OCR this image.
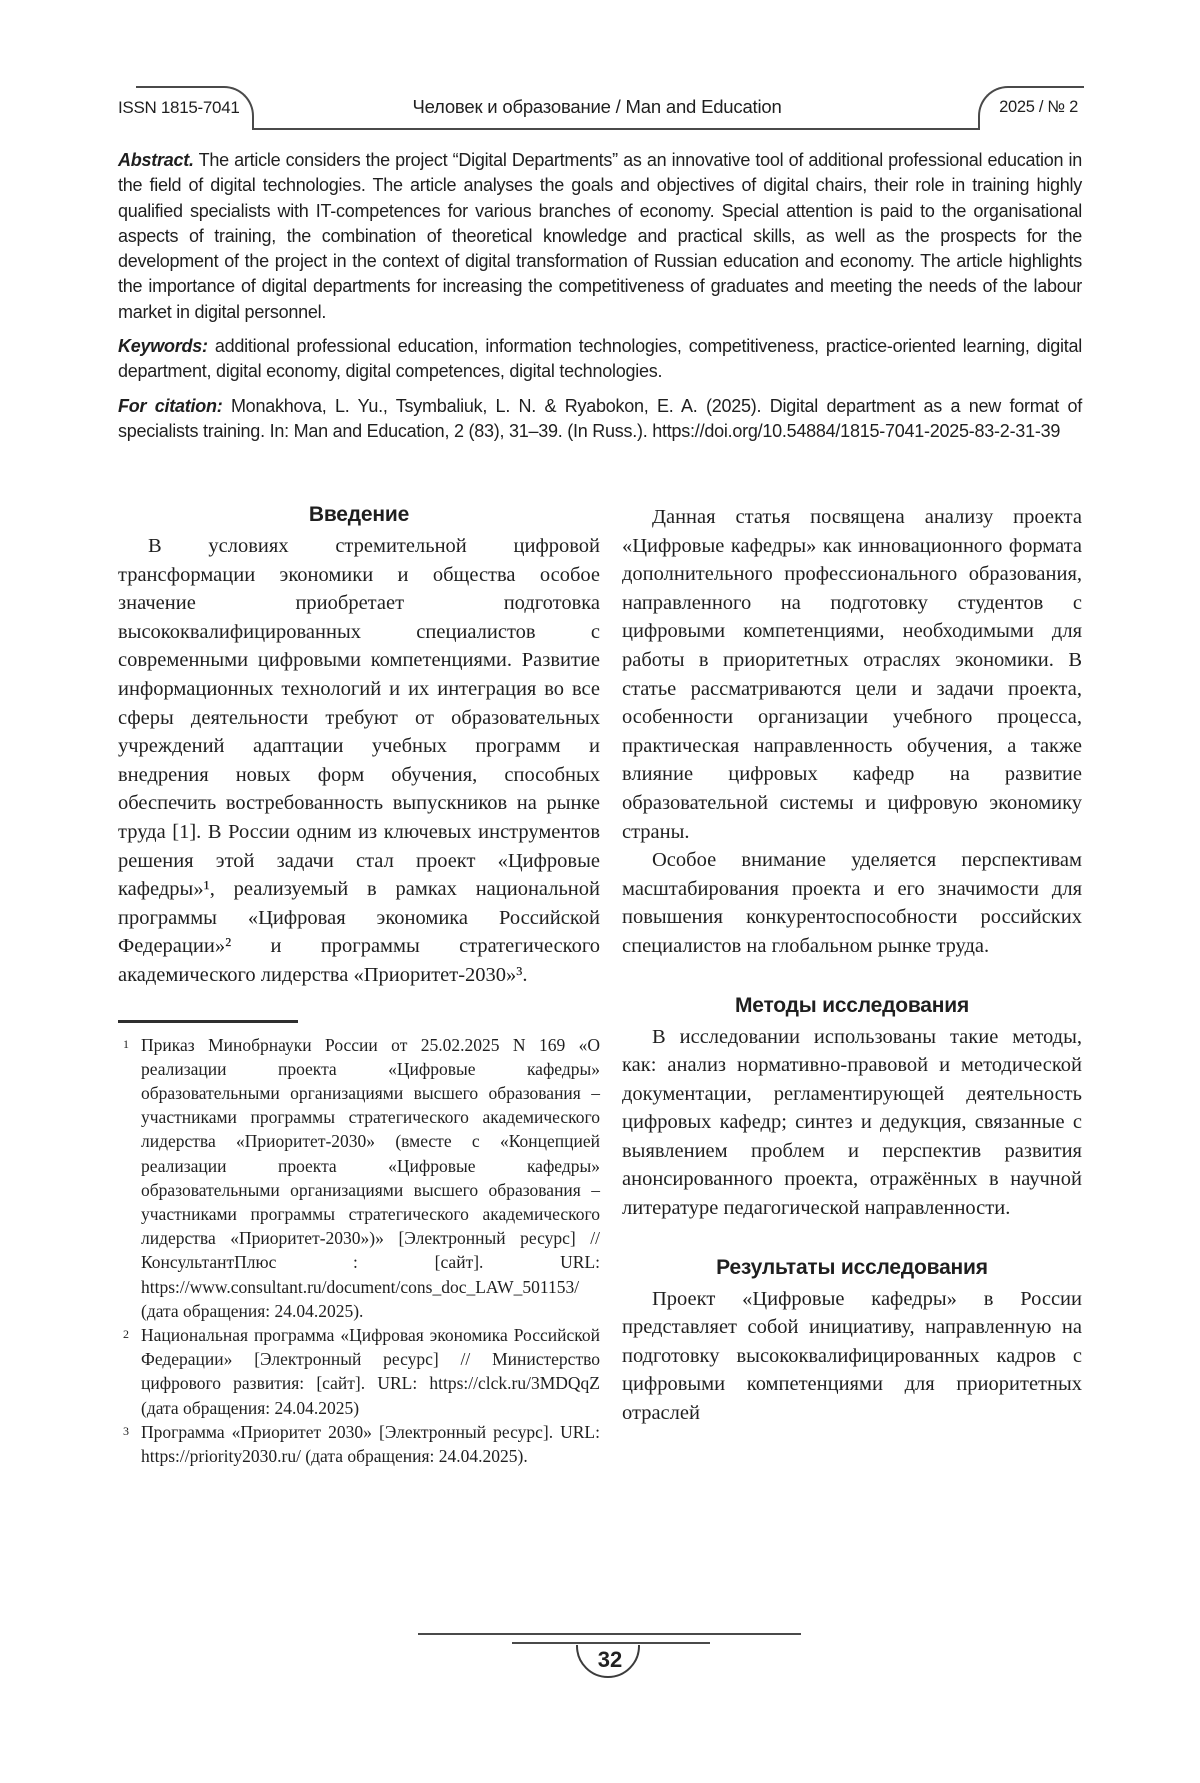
ISSN 1815-7041	Человек и образование / Man and Education	2025 / № 2

Abstract. The article considers the project “Digital Departments” as an innovative tool of additional professional education in the field of digital technologies. The article analyses the goals and objectives of digital chairs, their role in training highly qualified specialists with IT-competences for various branches of economy. Special attention is paid to the organisational aspects of training, the combination of theoretical knowledge and practical skills, as well as the prospects for the development of the project in the context of digital transformation of Russian education and economy. The article highlights the importance of digital departments for increasing the competitiveness of graduates and meeting the needs of the labour market in digital personnel.

Keywords: additional professional education, information technologies, competitiveness, practice-oriented learning, digital department, digital economy, digital competences, digital technologies.

For citation: Monakhova, L. Yu., Tsymbaliuk, L. N. & Ryabokon, E. A. (2025). Digital department as a new format of specialists training. In: Man and Education, 2 (83), 31–39. (In Russ.). https://doi.org/10.54884/1815-7041-2025-83-2-31-39

Введение

В условиях стремительной цифровой трансформации экономики и общества особое значение приобретает подготовка высококвалифицированных специалистов с современными цифровыми компетенциями. Развитие информационных технологий и их интеграция во все сферы деятельности требуют от образовательных учреждений адаптации учебных программ и внедрения новых форм обучения, способных обеспечить востребованность выпускников на рынке труда [1]. В России одним из ключевых инструментов решения этой задачи стал проект «Цифровые кафедры»¹, реализуемый в рамках национальной программы «Цифровая экономика Российской Федерации»² и программы стратегического академического лидерства «Приоритет-2030»³.

1 Приказ Минобрнауки России от 25.02.2025 N 169 «О реализации проекта «Цифровые кафедры» образовательными организациями высшего образования – участниками программы стратегического академического лидерства «Приоритет-2030» (вместе с «Концепцией реализации проекта «Цифровые кафедры» образовательными организациями высшего образования – участниками программы стратегического академического лидерства «Приоритет-2030»)» [Электронный ресурс] // КонсультантПлюс : [сайт]. URL: https://www.consultant.ru/document/cons_doc_LAW_501153/ (дата обращения: 24.04.2025).

2 Национальная программа «Цифровая экономика Российской Федерации» [Электронный ресурс] // Министерство цифрового развития: [сайт]. URL: https://clck.ru/3MDQqZ (дата обращения: 24.04.2025)

3 Программа «Приоритет 2030» [Электронный ресурс]. URL: https://priority2030.ru/ (дата обращения: 24.04.2025).

Данная статья посвящена анализу проекта «Цифровые кафедры» как инновационного формата дополнительного профессионального образования, направленного на подготовку студентов с цифровыми компетенциями, необходимыми для работы в приоритетных отраслях экономики. В статье рассматриваются цели и задачи проекта, особенности организации учебного процесса, практическая направленность обучения, а также влияние цифровых кафедр на развитие образовательной системы и цифровую экономику страны.

Особое внимание уделяется перспективам масштабирования проекта и его значимости для повышения конкурентоспособности российских специалистов на глобальном рынке труда.

Методы исследования

В исследовании использованы такие методы, как: анализ нормативно-правовой и методической документации, регламентирующей деятельность цифровых кафедр; синтез и дедукция, связанные с выявлением проблем и перспектив развития анонсированного проекта, отражённых в научной литературе педагогической направленности.

Результаты исследования

Проект «Цифровые кафедры» в России представляет собой инициативу, направленную на подготовку высококвалифицированных кадров с цифровыми компетенциями для приоритетных отраслей

32
